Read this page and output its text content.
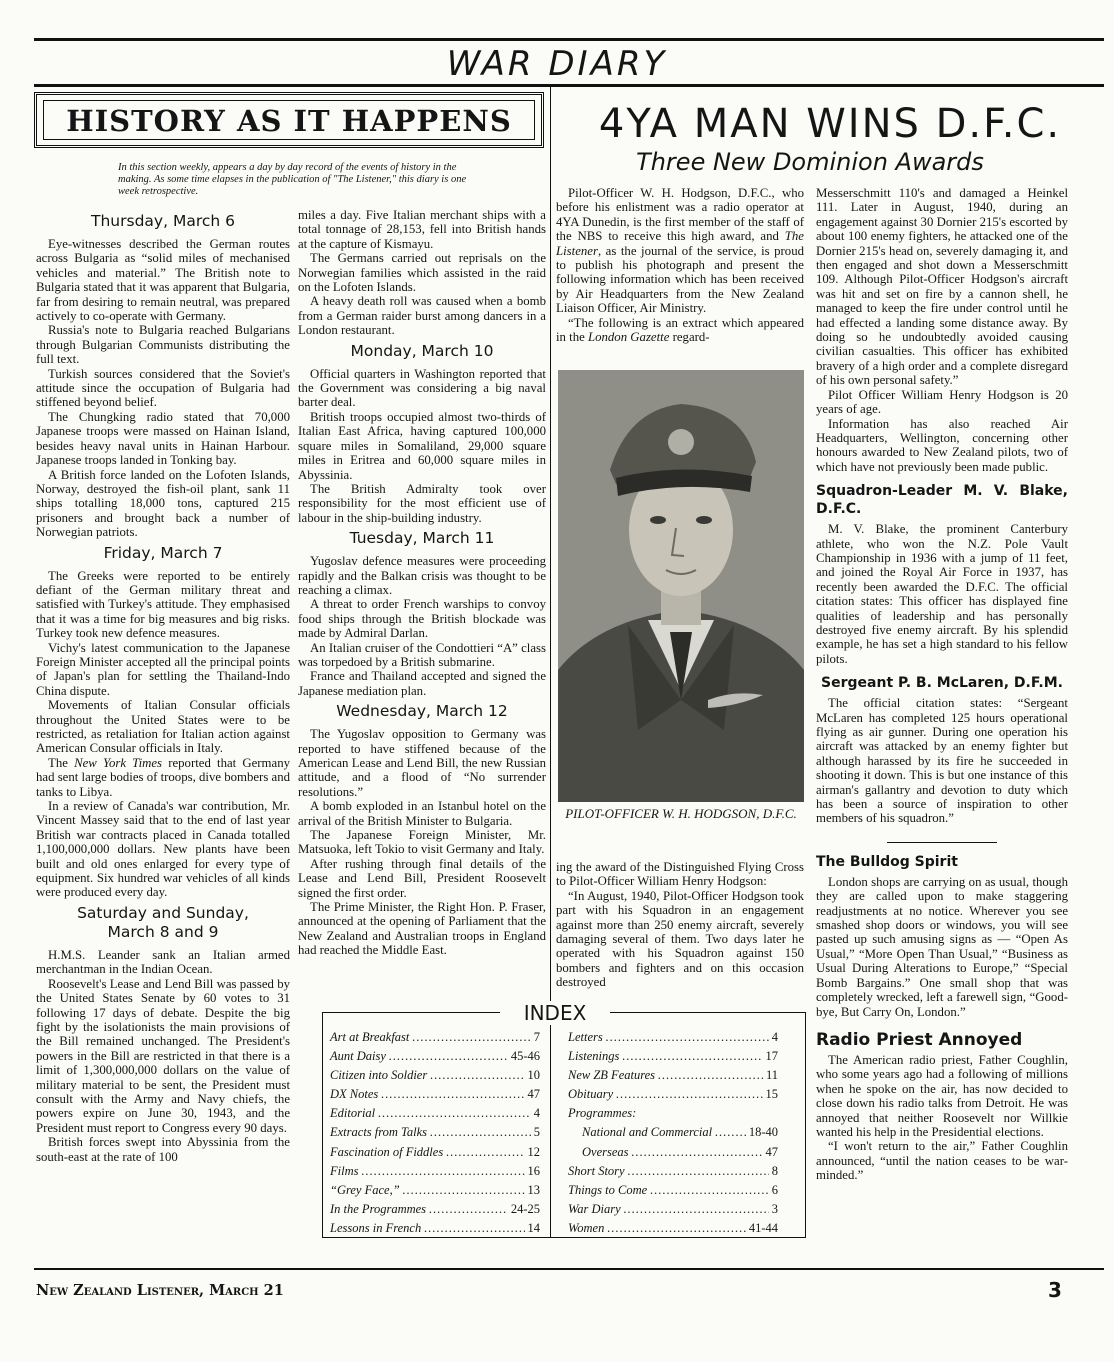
WAR DIARY
HISTORY AS IT HAPPENS
In this section weekly, appears a day by day record of the events of history in the making. As some time elapses in the publication of "The Listener," this diary is one week retrospective.
Thursday, March 6

Eye-witnesses described the German routes across Bulgaria as “solid miles of mechanised vehicles and material.” The British note to Bulgaria stated that it was apparent that Bulgaria, far from desiring to remain neutral, was prepared actively to co-operate with Germany.

Russia's note to Bulgaria reached Bulgarians through Bulgarian Communists distributing the full text.

Turkish sources considered that the Soviet's attitude since the occupation of Bulgaria had stiffened beyond belief.

The Chungking radio stated that 70,000 Japanese troops were massed on Hainan Island, besides heavy naval units in Hainan Harbour. Japanese troops landed in Tonking bay.

A British force landed on the Lofoten Islands, Norway, destroyed the fish-oil plant, sank 11 ships totalling 18,000 tons, captured 215 prisoners and brought back a number of Norwegian patriots.

Friday, March 7

The Greeks were reported to be entirely defiant of the German military threat and satisfied with Turkey's attitude. They emphasised that it was a time for big measures and big risks. Turkey took new defence measures.

Vichy's latest communication to the Japanese Foreign Minister accepted all the principal points of Japan's plan for settling the Thailand-Indo China dispute.

Movements of Italian Consular officials throughout the United States were to be restricted, as retaliation for Italian action against American Consular officials in Italy.

The New York Times reported that Germany had sent large bodies of troops, dive bombers and tanks to Libya.

In a review of Canada's war contribution, Mr. Vincent Massey said that to the end of last year British war contracts placed in Canada totalled 1,100,000,000 dollars. New plants have been built and old ones enlarged for every type of equipment. Six hundred war vehicles of all kinds were produced every day.

Saturday and Sunday, March 8 and 9

H.M.S. Leander sank an Italian armed merchantman in the Indian Ocean.

Roosevelt's Lease and Lend Bill was passed by the United States Senate by 60 votes to 31 following 17 days of debate. Despite the big fight by the isolationists the main provisions of the Bill remained unchanged. The President's powers in the Bill are restricted in that there is a limit of 1,300,000,000 dollars on the value of military material to be sent, the President must consult with the Army and Navy chiefs, the powers expire on June 30, 1943, and the President must report to Congress every 90 days.

British forces swept into Abyssinia from the south-east at the rate of 100

miles a day. Five Italian merchant ships with a total tonnage of 28,153, fell into British hands at the capture of Kismayu.

The Germans carried out reprisals on the Norwegian families which assisted in the raid on the Lofoten Islands.

A heavy death roll was caused when a bomb from a German raider burst among dancers in a London restaurant.

Monday, March 10

Official quarters in Washington reported that the Government was considering a big naval barter deal.

British troops occupied almost two-thirds of Italian East Africa, having captured 100,000 square miles in Somaliland, 29,000 square miles in Eritrea and 60,000 square miles in Abyssinia.

The British Admiralty took over responsibility for the most efficient use of labour in the ship-building industry.

Tuesday, March 11

Yugoslav defence measures were proceeding rapidly and the Balkan crisis was thought to be reaching a climax.

A threat to order French warships to convoy food ships through the British blockade was made by Admiral Darlan.

An Italian cruiser of the Condottieri “A” class was torpedoed by a British submarine.

France and Thailand accepted and signed the Japanese mediation plan.

Wednesday, March 12

The Yugoslav opposition to Germany was reported to have stiffened because of the American Lease and Lend Bill, the new Russian attitude, and a flood of “No surrender resolutions.”

A bomb exploded in an Istanbul hotel on the arrival of the British Minister to Bulgaria.

The Japanese Foreign Minister, Mr. Matsuoka, left Tokio to visit Germany and Italy.

After rushing through final details of the Lease and Lend Bill, President Roosevelt signed the first order.

The Prime Minister, the Right Hon. P. Fraser, announced at the opening of Parliament that the New Zealand and Australian troops in England had reached the Middle East.

4YA MAN WINS D.F.C.
Three New Dominion Awards

Pilot-Officer W. H. Hodgson, D.F.C., who before his enlistment was a radio operator at 4YA Dunedin, is the first member of the staff of the NBS to receive this high award, and The Listener, as the journal of the service, is proud to publish his photograph and present the following information which has been received by Air Headquarters from the New Zealand Liaison Officer, Air Ministry.

“The following is an extract which appeared in the London Gazette regard-

PILOT-OFFICER W. H. HODGSON, D.F.C.

ing the award of the Distinguished Flying Cross to Pilot-Officer William Henry Hodgson:

“In August, 1940, Pilot-Officer Hodgson took part with his Squadron in an engagement against more than 250 enemy aircraft, severely damaging several of them. Two days later he operated with his Squadron against 150 bombers and fighters and on this occasion destroyed

Messerschmitt 110's and damaged a Heinkel 111. Later in August, 1940, during an engagement against 30 Dornier 215's escorted by about 100 enemy fighters, he attacked one of the Dornier 215's head on, severely damaging it, and then engaged and shot down a Messerschmitt 109. Although Pilot-Officer Hodgson's aircraft was hit and set on fire by a cannon shell, he managed to keep the fire under control until he had effected a landing some distance away. By doing so he undoubtedly avoided causing civilian casualties. This officer has exhibited bravery of a high order and a complete disregard of his own personal safety.”

Pilot Officer William Henry Hodgson is 20 years of age.

Information has also reached Air Headquarters, Wellington, concerning other honours awarded to New Zealand pilots, two of which have not previously been made public.

Squadron-Leader M. V. Blake, D.F.C.

M. V. Blake, the prominent Canterbury athlete, who won the N.Z. Pole Vault Championship in 1936 with a jump of 11 feet, and joined the Royal Air Force in 1937, has recently been awarded the D.F.C. The official citation states: This officer has displayed fine qualities of leadership and has personally destroyed five enemy aircraft. By his splendid example, he has set a high standard to his fellow pilots.

Sergeant P. B. McLaren, D.F.M.

The official citation states: “Sergeant McLaren has completed 125 hours operational flying as air gunner. During one operation his aircraft was attacked by an enemy fighter but although harassed by its fire he succeeded in shooting it down. This is but one instance of this airman's gallantry and devotion to duty which has been a source of inspiration to other members of his squadron.”

The Bulldog Spirit

London shops are carrying on as usual, though they are called upon to make staggering readjustments at no notice. Wherever you see smashed shop doors or windows, you will see pasted up such amusing signs as — “Open As Usual,” “More Open Than Usual,” “Business as Usual During Alterations to Europe,” “Special Bomb Bargains.” One small shop that was completely wrecked, left a farewell sign, “Good-bye, But Carry On, London.”

Radio Priest Annoyed

The American radio priest, Father Coughlin, who some years ago had a following of millions when he spoke on the air, has now decided to close down his radio talks from Detroit. He was annoyed that neither Roosevelt nor Willkie wanted his help in the Presidential elections.

“I won't return to the air,” Father Coughlin announced, “until the nation ceases to be war-minded.”

INDEX
Art at Breakfast .....	7
Aunt Daisy .....	45-46
Citizen into Soldier .....	10
DX Notes .....	47
Editorial .....	4
Extracts from Talks .....	5
Fascination of Fiddles .....	12
Films .....	16
“Grey Face,” .....	13
In the Programmes .....	24-25
Lessons in French .....	14
Letters .....	4
Listenings .....	17
New ZB Features .....	11
Obituary .....	15
Programmes:
National and Commercial .....	18-40
Overseas .....	47
Short Story .....	8
Things to Come .....	6
War Diary .....	3
Women .....	41-44
New Zealand Listener, March 21	3
